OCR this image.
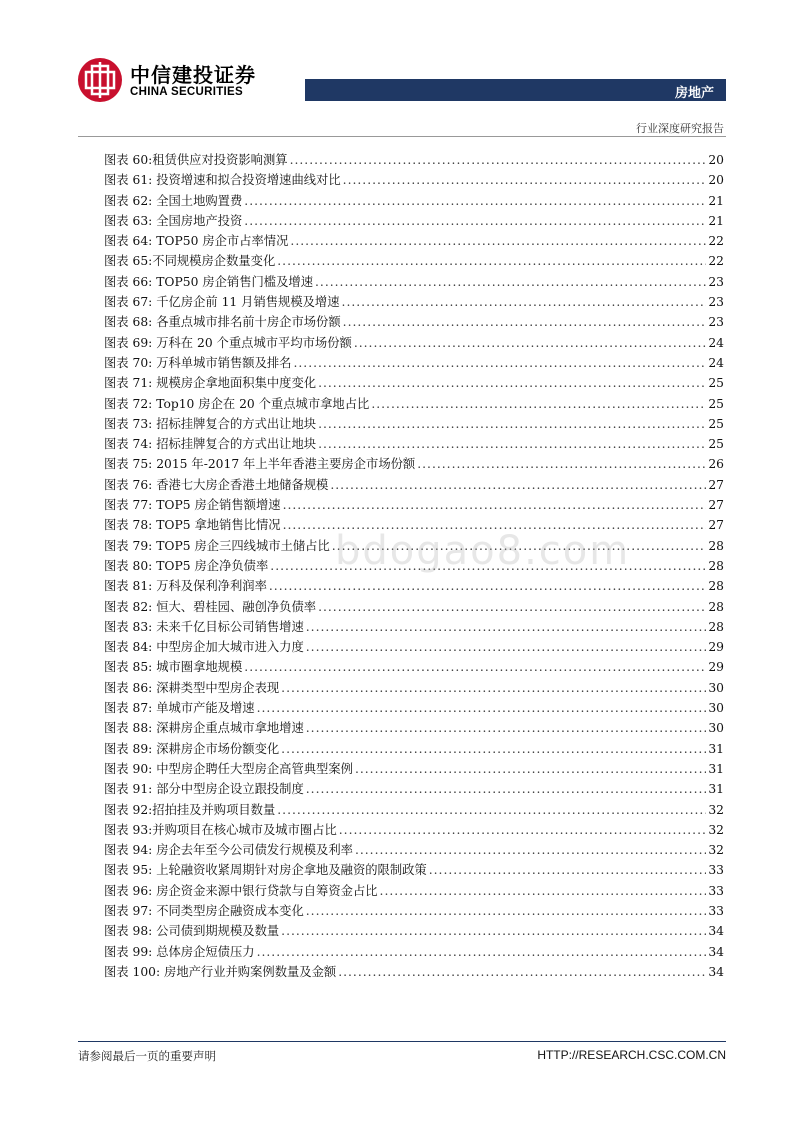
中信建投证券
CHINA SECURITIES	房地产
行业深度研究报告
图表 60:租赁供应对投资影响测算 .....	20
图表 61: 投资增速和拟合投资增速曲线对比 .....	20
图表 62: 全国土地购置费 .....	21
图表 63: 全国房地产投资 .....	21
图表 64: TOP50 房企市占率情况 .....	22
图表 65:不同规模房企数量变化 .....	22
图表 66: TOP50 房企销售门槛及增速 .....	23
图表 67: 千亿房企前 11 月销售规模及增速 .....	23
图表 68: 各重点城市排名前十房企市场份额 .....	23
图表 69: 万科在 20 个重点城市平均市场份额 .....	24
图表 70: 万科单城市销售额及排名 .....	24
图表 71: 规模房企拿地面积集中度变化 .....	25
图表 72: Top10 房企在 20 个重点城市拿地占比 .....	25
图表 73: 招标挂牌复合的方式出让地块 .....	25
图表 74: 招标挂牌复合的方式出让地块 .....	25
图表 75: 2015 年-2017 年上半年香港主要房企市场份额 .....	26
图表 76: 香港七大房企香港土地储备规模 .....	27
图表 77: TOP5 房企销售额增速 .....	27
图表 78: TOP5 拿地销售比情况 .....	27
图表 79: TOP5 房企三四线城市土储占比 .....	28
图表 80: TOP5 房企净负债率 .....	28
图表 81: 万科及保利净利润率 .....	28
图表 82: 恒大、碧桂园、融创净负债率 .....	28
图表 83: 未来千亿目标公司销售增速 .....	28
图表 84: 中型房企加大城市进入力度 .....	29
图表 85: 城市圈拿地规模 .....	29
图表 86: 深耕类型中型房企表现 .....	30
图表 87: 单城市产能及增速 .....	30
图表 88: 深耕房企重点城市拿地增速 .....	30
图表 89: 深耕房企市场份额变化 .....	31
图表 90: 中型房企聘任大型房企高管典型案例 .....	31
图表 91: 部分中型房企设立跟投制度 .....	31
图表 92:招拍挂及并购项目数量 .....	32
图表 93:并购项目在核心城市及城市圈占比 .....	32
图表 94: 房企去年至今公司债发行规模及利率 .....	32
图表 95: 上轮融资收紧周期针对房企拿地及融资的限制政策 .....	33
图表 96: 房企资金来源中银行贷款与自筹资金占比 .....	33
图表 97: 不同类型房企融资成本变化 .....	33
图表 98: 公司债到期规模及数量 .....	34
图表 99: 总体房企短债压力 .....	34
图表 100: 房地产行业并购案例数量及金额 .....	34
bdogao8.com
请参阅最后一页的重要声明	HTTP://RESEARCH.CSC.COM.CN
